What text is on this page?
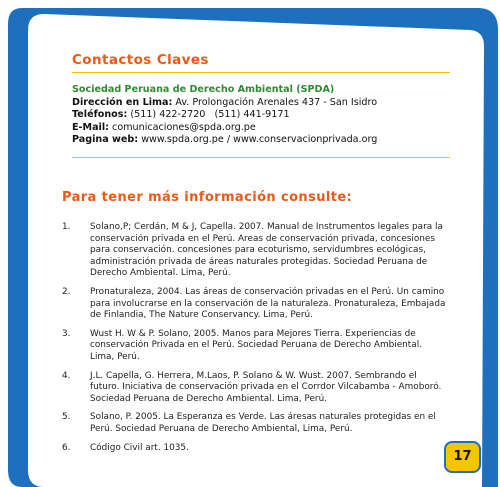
Contactos Claves
Sociedad Peruana de Derecho Ambiental (SPDA)
Dirección en Lima: Av. Prolongación Arenales 437 - San Isidro
Teléfonos: (511) 422-2720   (511) 441-9171
E-Mail: comunicaciones@spda.org.pe
Pagina web: www.spda.org.pe / www.conservacionprivada.org
Para tener más información consulte:
1. Solano,P; Cerdán, M & J, Capella. 2007. Manual de Instrumentos legales para la conservación privada en el Perú. Areas de conservación privada, concesiones para conservación. concesiones para ecoturismo, servidumbres ecológicas, administración privada de áreas naturales protegidas. Sociedad Peruana de Derecho Ambiental. Lima, Perú.
2. Pronaturaleza, 2004. Las áreas de conservación privadas en el Perú. Un camino para involucrarse en la conservación de la naturaleza. Pronaturaleza, Embajada de Finlandia, The Nature Conservancy. Lima, Perú.
3. Wust H. W & P. Solano, 2005. Manos para Mejores Tierra. Experiencias de conservación Privada en el Perú. Sociedad Peruana de Derecho Ambiental. Lima, Perú.
4. J.L. Capella, G. Herrera, M.Laos, P. Solano & W. Wust. 2007. Sembrando el futuro. Iniciativa de conservación privada en el Corrdor Vilcabamba - Amoboró. Sociedad Peruana de Derecho Ambiental. Lima, Perú.
5. Solano, P. 2005. La Esperanza es Verde. Las áresas naturales protegidas en el Perú. Sociedad Peruana de Derecho Ambiental, Lima, Perú.
6. Código Civil art. 1035.
17
